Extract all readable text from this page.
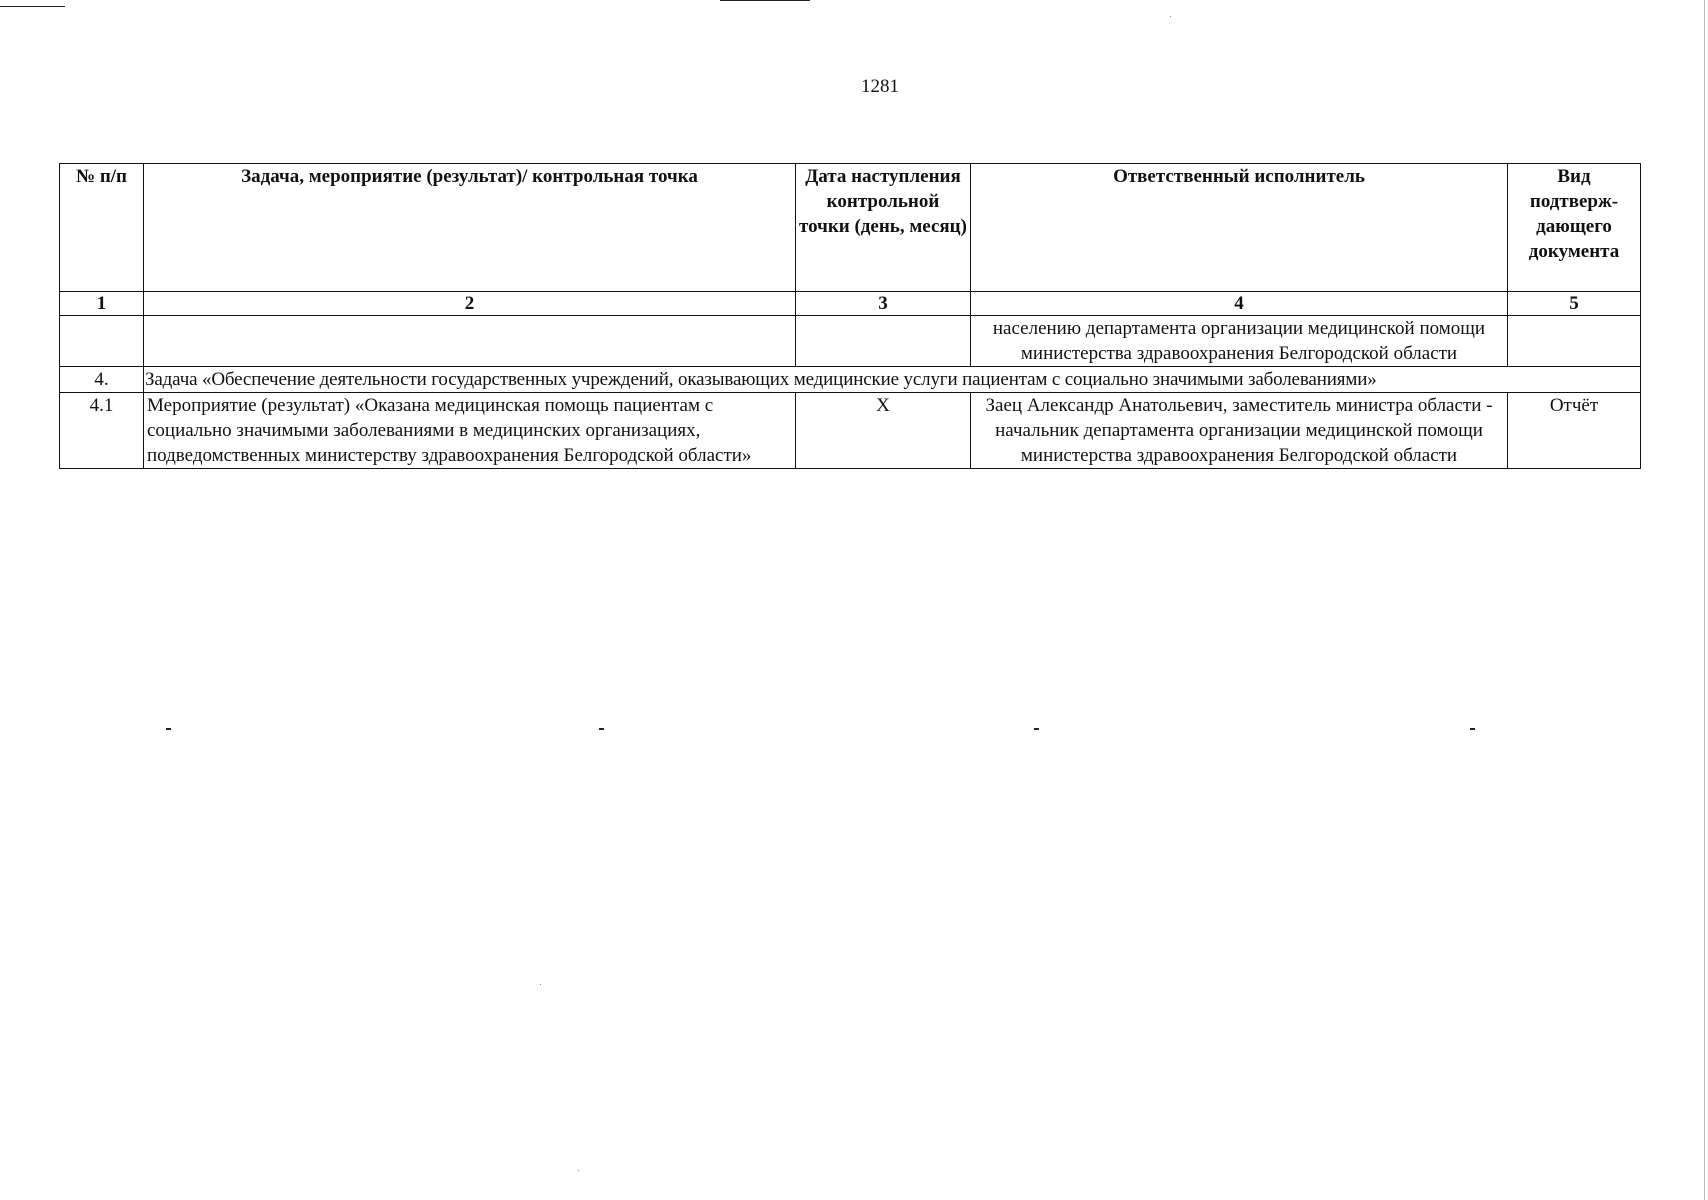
1281
№ п/п	Задача, мероприятие (результат)/ контрольная точка	Дата наступления контрольной точки (день, месяц)	Ответственный исполнитель	Вид подтверж-дающего документа
1	2	3	4	5
			населению департамента организации медицинской помощи министерства здравоохранения Белгородской области	
4.	Задача «Обеспечение деятельности государственных учреждений, оказывающих медицинские услуги пациентам с социально значимыми заболеваниями»			
4.1	Мероприятие (результат) «Оказана медицинская помощь пациентам с социально значимыми заболеваниями в медицинских организациях, подведомственных министерству здравоохранения Белгородской области»	X	Заец Александр Анатольевич, заместитель министра области - начальник департамента организации медицинской помощи министерства здравоохранения Белгородской области	Отчёт
